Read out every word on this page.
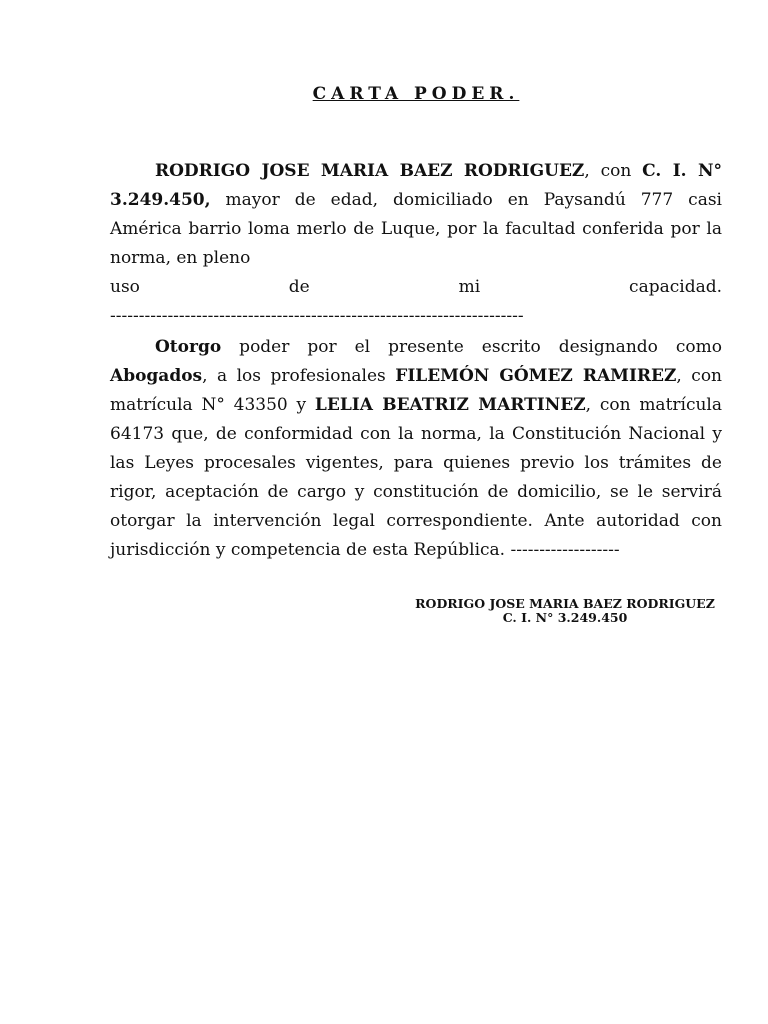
CARTA PODER.

RODRIGO JOSE MARIA BAEZ RODRIGUEZ, con C. I. N° 3.249.450, mayor de edad, domiciliado en Paysandú 777 casi América barrio loma merlo de Luque, por la facultad conferida por la norma, en pleno
uso de mi capacidad.
------------------------------------------------------------------------

Otorgo poder por el presente escrito designando como Abogados, a los profesionales FILEMÓN GÓMEZ RAMIREZ, con matrícula N° 43350 y LELIA BEATRIZ MARTINEZ, con matrícula 64173 que, de conformidad con la norma, la Constitución Nacional y las Leyes procesales vigentes, para quienes previo los trámites de rigor, aceptación de cargo y constitución de domicilio, se le servirá otorgar la intervención legal correspondiente. Ante autoridad con jurisdicción y competencia de esta República. -------------------

RODRIGO JOSE MARIA BAEZ RODRIGUEZ
C. I. N° 3.249.450
